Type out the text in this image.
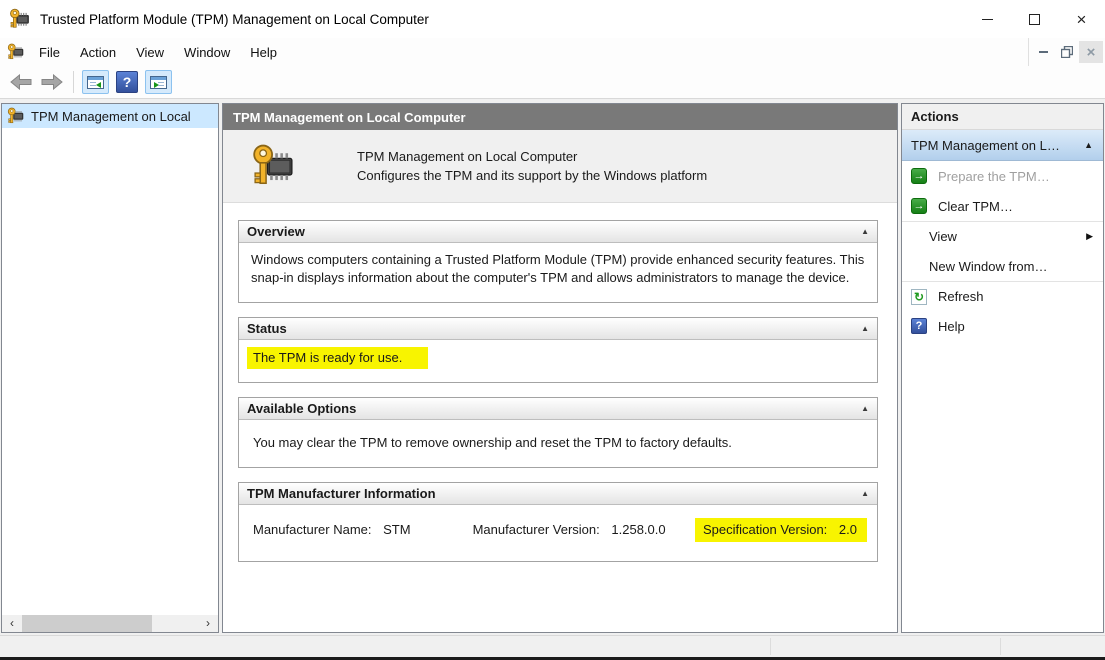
Trusted Platform Module (TPM) Management on Local Computer	×
File	Action	View	Window	Help	×
?
TPM Management on Local
‹	›
TPM Management on Local Computer
TPM Management on Local Computer
Configures the TPM and its support by the Windows platform
Overview	▲
Windows computers containing a Trusted Platform Module (TPM) provide enhanced security features. This snap-in displays information about the computer's TPM and allows administrators to manage the device.
Status	▲
The TPM is ready for use.
Available Options	▲
You may clear the TPM to remove ownership and reset the TPM to factory defaults.
TPM Manufacturer Information	▲
Manufacturer Name: STM	Manufacturer Version: 1.258.0.0	Specification Version: 2.0
Actions
TPM Management on L…	▲
→ Prepare the TPM…
→ Clear TPM…
View	▶
New Window from…
↻ Refresh
? Help
